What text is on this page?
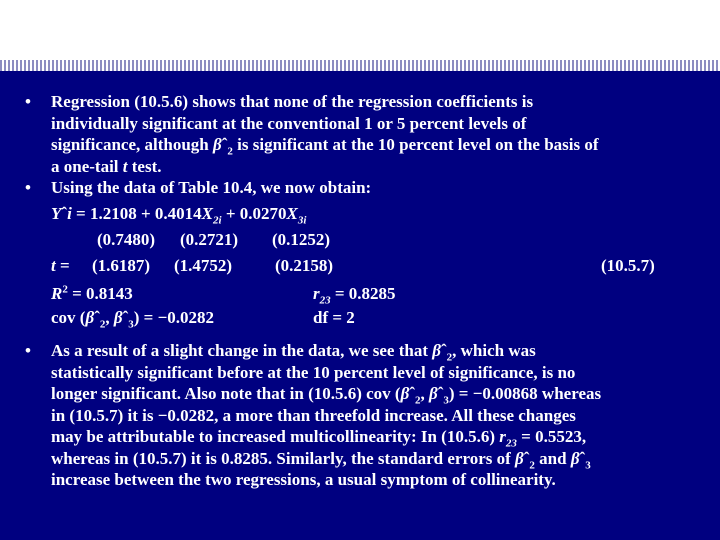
• Regression (10.5.6) shows that none of the regression coefficients is
individually significant at the conventional 1 or 5 percent levels of
significance, although βˆ$_2$ is significant at the 10 percent level on the basis of
a one-tail t test.
• Using the data of Table 10.4, we now obtain:
Yˆi = $1.2108 + 0.4014X_{2i} + 0.0270X_{3i}$
(0.7480) (0.2721) (0.1252)
t = (1.6187) (1.4752)	(0.2158)	(10.5.7)
$R^2 = 0.8143$	$r_{23} = 0.8285$
cov (βˆ$_2$, βˆ$_3$) = −0.0282	df = 2
• As a result of a slight change in the data, we see that βˆ$_2$, which was
statistically significant before at the 10 percent level of significance, is no
longer significant. Also note that in (10.5.6) cov (βˆ$_2$, βˆ$_3$) = −0.00868 whereas
in (10.5.7) it is −0.0282, a more than threefold increase. All these changes
may be attributable to increased multicollinearity: In (10.5.6) $r_{23} = 0.5523$,
whereas in (10.5.7) it is 0.8285. Similarly, the standard errors of βˆ$_2$ and βˆ$_3$
increase between the two regressions, a usual symptom of collinearity.
